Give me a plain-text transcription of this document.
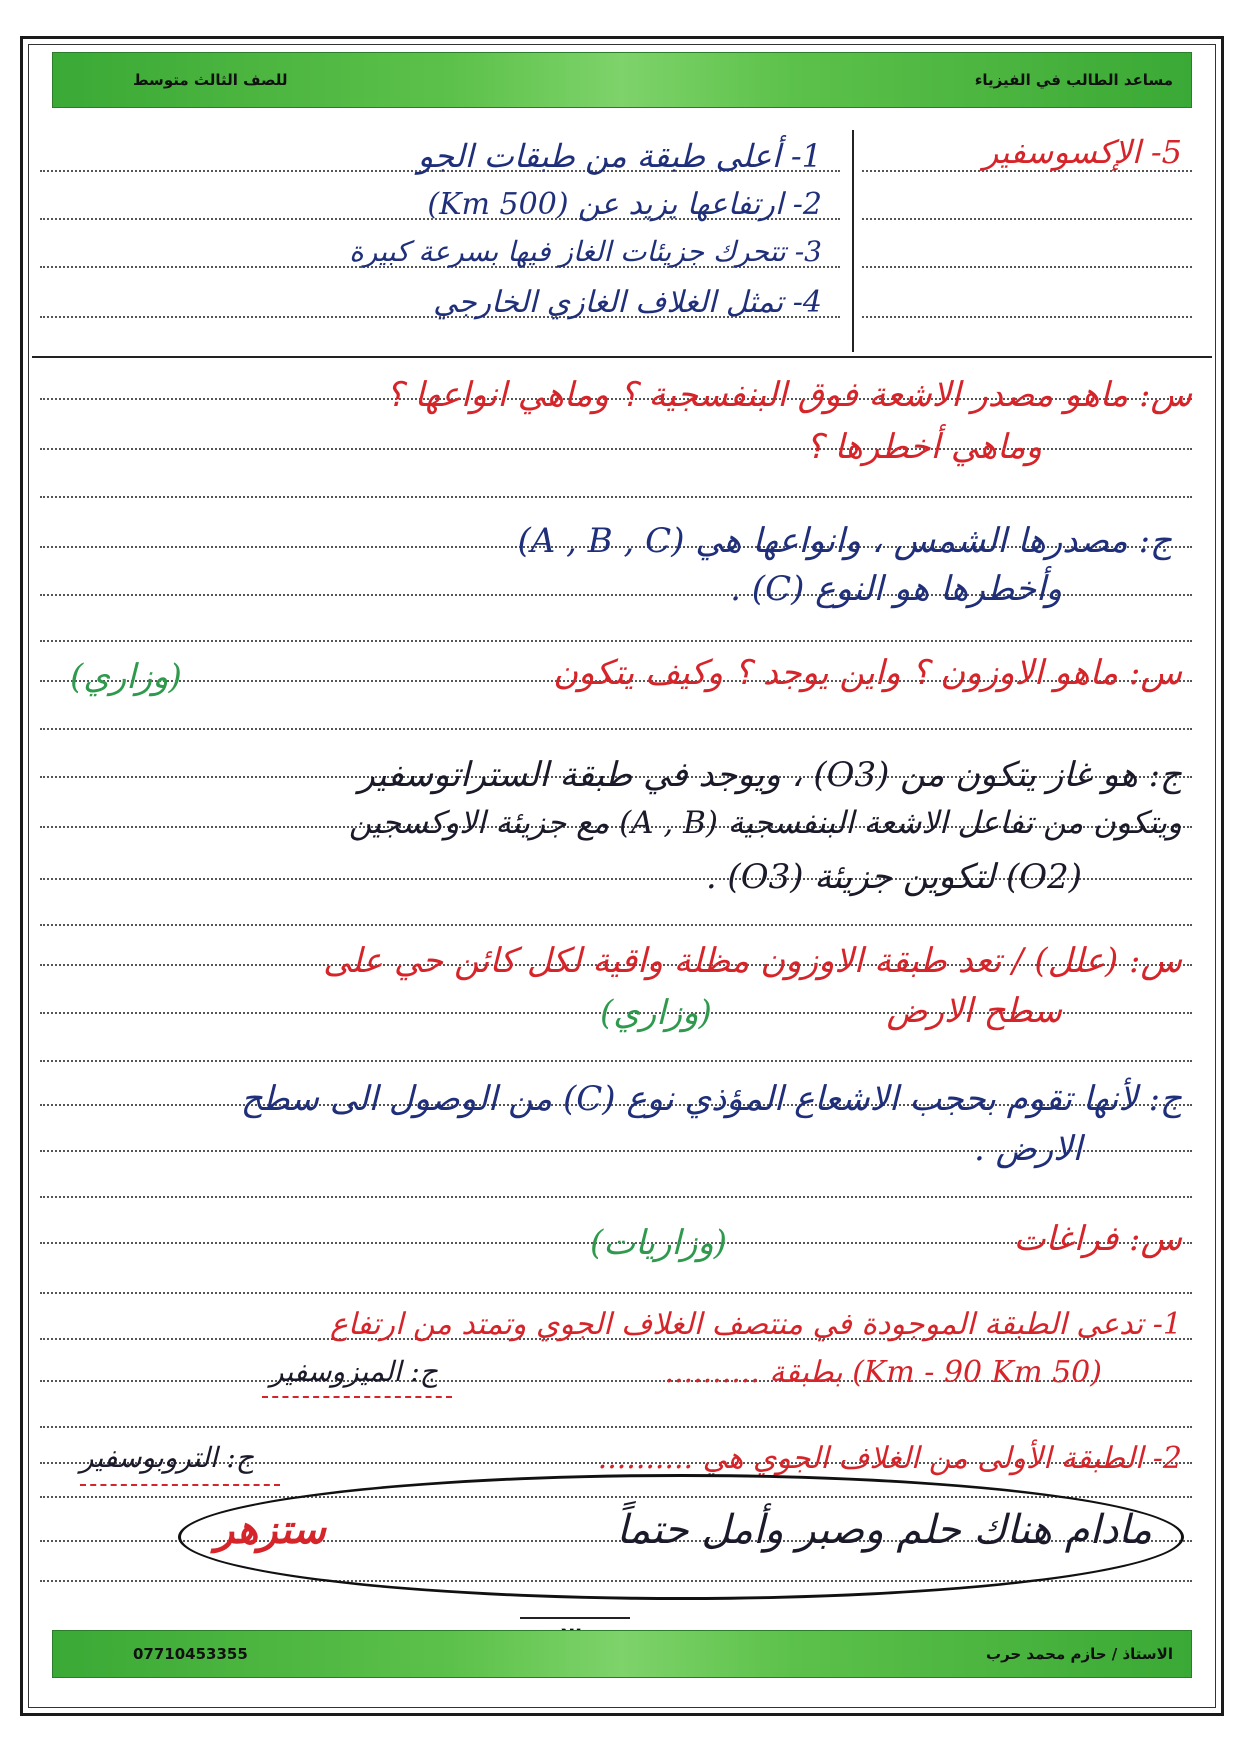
مساعد الطالب في الفيزياء
للصف الثالث متوسط
5- الإكسوسفير
1- أعلى طبقة من طبقات الجو
2- ارتفاعها يزيد عن (500 Km)
3- تتحرك جزيئات الغاز فيها بسرعة كبيرة
4- تمثل الغلاف الغازي الخارجي
س: ماهو مصدر الاشعة فوق البنفسجية ؟ وماهي انواعها ؟
وماهي أخطرها ؟
ج: مصدرها الشمس ، وانواعها هي (A , B , C)
وأخطرها هو النوع (C) .
س: ماهو الاوزون ؟ واين يوجد ؟ وكيف يتكون
(وزاري)
ج: هو غاز يتكون من (O3) ، ويوجد في طبقة الستراتوسفير
ويتكون من تفاعل الاشعة البنفسجية (A , B) مع جزيئة الاوكسجين
(O2) لتكوين جزيئة (O3) .
س: (علل) / تعد طبقة الاوزون مظلة واقية لكل كائن حي على
سطح الارض
(وزاري)
ج: لأنها تقوم بحجب الاشعاع المؤذي نوع (C) من الوصول الى سطح
الارض .
س: فراغات
(وزاريات)
1- تدعى الطبقة الموجودة في منتصف الغلاف الجوي وتمتد من ارتفاع
(50 Km - 90 Km) بطبقة ..........
ج: الميزوسفير
2- الطبقة الأولى من الغلاف الجوي هي ..........
ج: التروبوسفير
مادام هناك حلم وصبر وأمل حتماً
ستزهر
الاستاذ / حازم محمد حرب
07710453355
